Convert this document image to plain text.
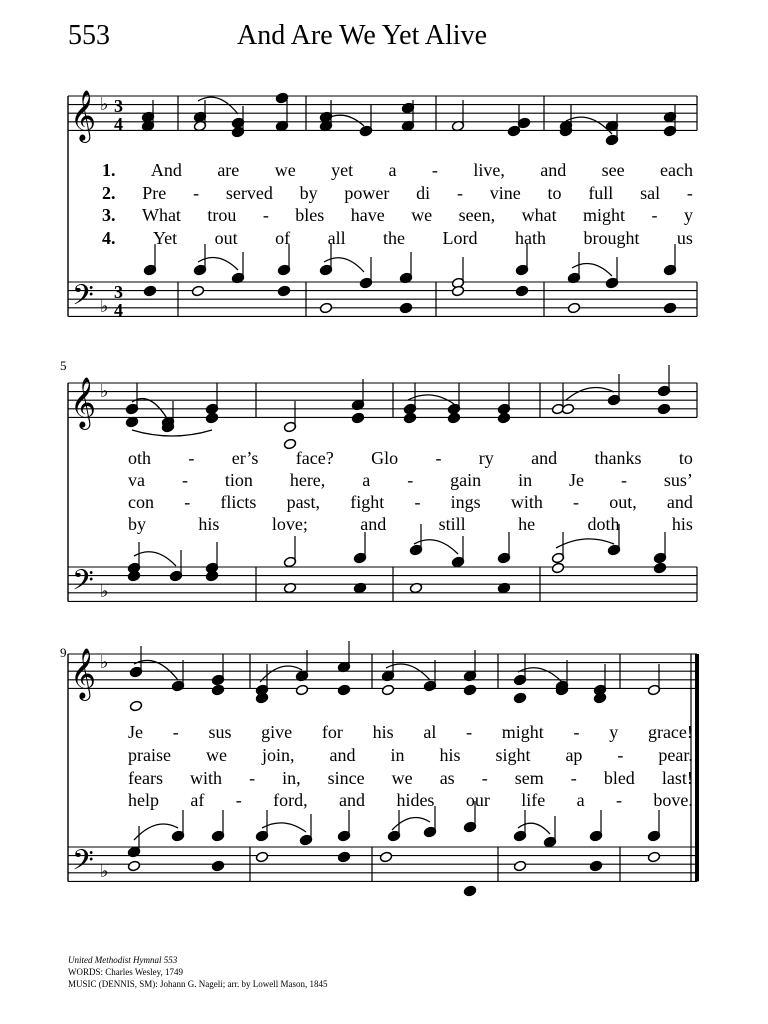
553	And Are We Yet Alive
𝄞
𝄢
♭
♭
3
4
3
4
𝄞
𝄢
♭
♭
𝄞
𝄢
♭
♭
5
9
1. And are we yet a - live, and see each
2. Pre - served by power di - vine to full sal -
3. What trou - bles have we seen, what might - y
4. Yet out of all the Lord hath brought us
oth - er’s face? Glo - ry and thanks to
va - tion here, a - gain in Je - sus’
con - flicts past, fight - ings with - out, and
by	his	love;	and	still	he	doth	his
Je - sus give for his al - might - y grace!
praise we join, and in his sight ap - pear.
fears with - in, since we as - sem - bled last!
help af - ford, and hides our life a - bove.
United Methodist Hymnal 553
WORDS: Charles Wesley, 1749
MUSIC (DENNIS, SM): Johann G. Nageli; arr. by Lowell Mason, 1845
